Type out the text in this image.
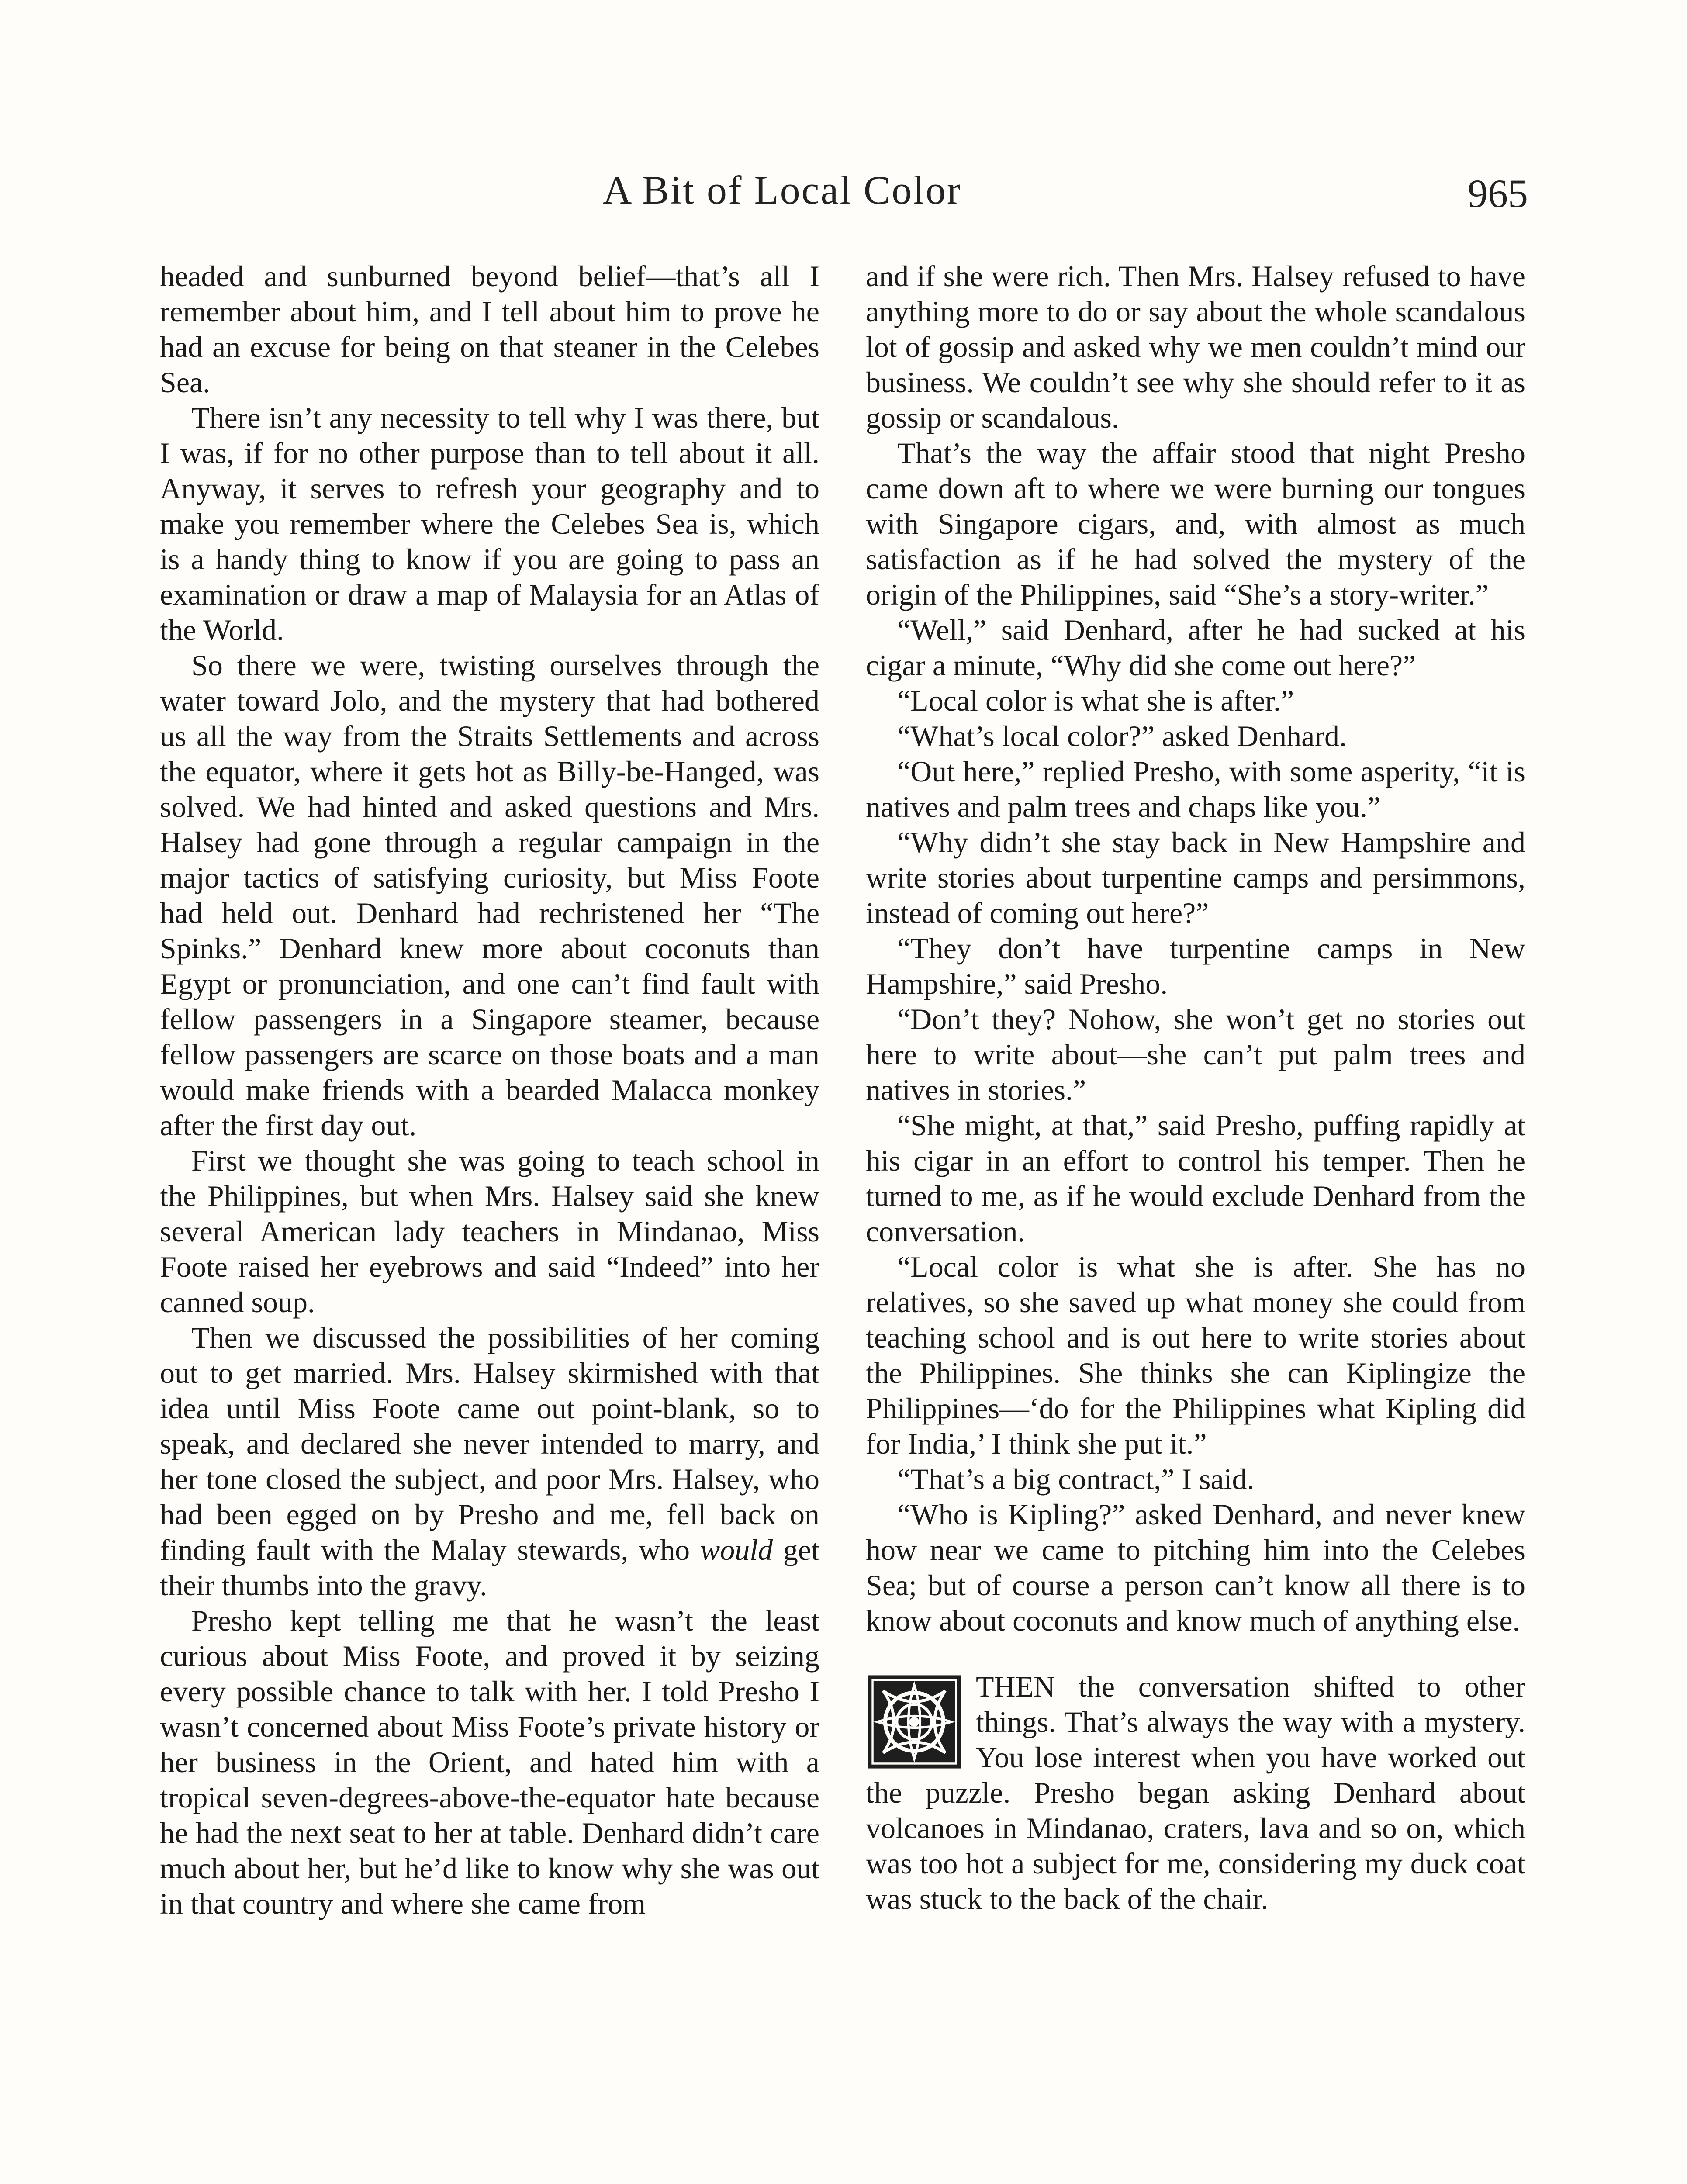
A Bit of Local Color	965

headed and sunburned beyond belief—that’s all I remember about him, and I tell about him to prove he had an excuse for being on that steaner in the Celebes Sea.

There isn’t any necessity to tell why I was there, but I was, if for no other purpose than to tell about it all. Anyway, it serves to refresh your geography and to make you remember where the Celebes Sea is, which is a handy thing to know if you are going to pass an examination or draw a map of Malaysia for an Atlas of the World.

So there we were, twisting ourselves through the water toward Jolo, and the mystery that had bothered us all the way from the Straits Settlements and across the equator, where it gets hot as Billy-be-Hanged, was solved. We had hinted and asked questions and Mrs. Halsey had gone through a regular campaign in the major tactics of satisfying curiosity, but Miss Foote had held out. Denhard had rechristened her “The Spinks.” Denhard knew more about coconuts than Egypt or pronunciation, and one can’t find fault with fellow passengers in a Singapore steamer, because fellow passengers are scarce on those boats and a man would make friends with a bearded Malacca monkey after the first day out.

First we thought she was going to teach school in the Philippines, but when Mrs. Halsey said she knew several American lady teachers in Mindanao, Miss Foote raised her eyebrows and said “Indeed” into her canned soup.

Then we discussed the possibilities of her coming out to get married. Mrs. Halsey skirmished with that idea until Miss Foote came out point-blank, so to speak, and declared she never intended to marry, and her tone closed the subject, and poor Mrs. Halsey, who had been egged on by Presho and me, fell back on finding fault with the Malay stewards, who would get their thumbs into the gravy.

Presho kept telling me that he wasn’t the least curious about Miss Foote, and proved it by seizing every possible chance to talk with her. I told Presho I wasn’t concerned about Miss Foote’s private history or her business in the Orient, and hated him with a tropical seven-degrees-above-the-equator hate because he had the next seat to her at table. Denhard didn’t care much about her, but he’d like to know why she was out in that country and where she came from

and if she were rich. Then Mrs. Halsey refused to have anything more to do or say about the whole scandalous lot of gossip and asked why we men couldn’t mind our business. We couldn’t see why she should refer to it as gossip or scandalous.

That’s the way the affair stood that night Presho came down aft to where we were burning our tongues with Singapore cigars, and, with almost as much satisfaction as if he had solved the mystery of the origin of the Philippines, said “She’s a story-writer.”

“Well,” said Denhard, after he had sucked at his cigar a minute, “Why did she come out here?”

“Local color is what she is after.”

“What’s local color?” asked Denhard.

“Out here,” replied Presho, with some asperity, “it is natives and palm trees and chaps like you.”

“Why didn’t she stay back in New Hampshire and write stories about turpentine camps and persimmons, instead of coming out here?”

“They don’t have turpentine camps in New Hampshire,” said Presho.

“Don’t they? Nohow, she won’t get no stories out here to write about—she can’t put palm trees and natives in stories.”

“She might, at that,” said Presho, puffing rapidly at his cigar in an effort to control his temper. Then he turned to me, as if he would exclude Denhard from the conversation.

“Local color is what she is after. She has no relatives, so she saved up what money she could from teaching school and is out here to write stories about the Philippines. She thinks she can Kiplingize the Philippines—‘do for the Philippines what Kipling did for India,’ I think she put it.”

“That’s a big contract,” I said.

“Who is Kipling?” asked Denhard, and never knew how near we came to pitching him into the Celebes Sea; but of course a person can’t know all there is to know about coconuts and know much of anything else.

THEN the conversation shifted to other things. That’s always the way with a mystery. You lose interest when you have worked out the puzzle. Presho began asking Denhard about volcanoes in Mindanao, craters, lava and so on, which was too hot a subject for me, considering my duck coat was stuck to the back of the chair.
